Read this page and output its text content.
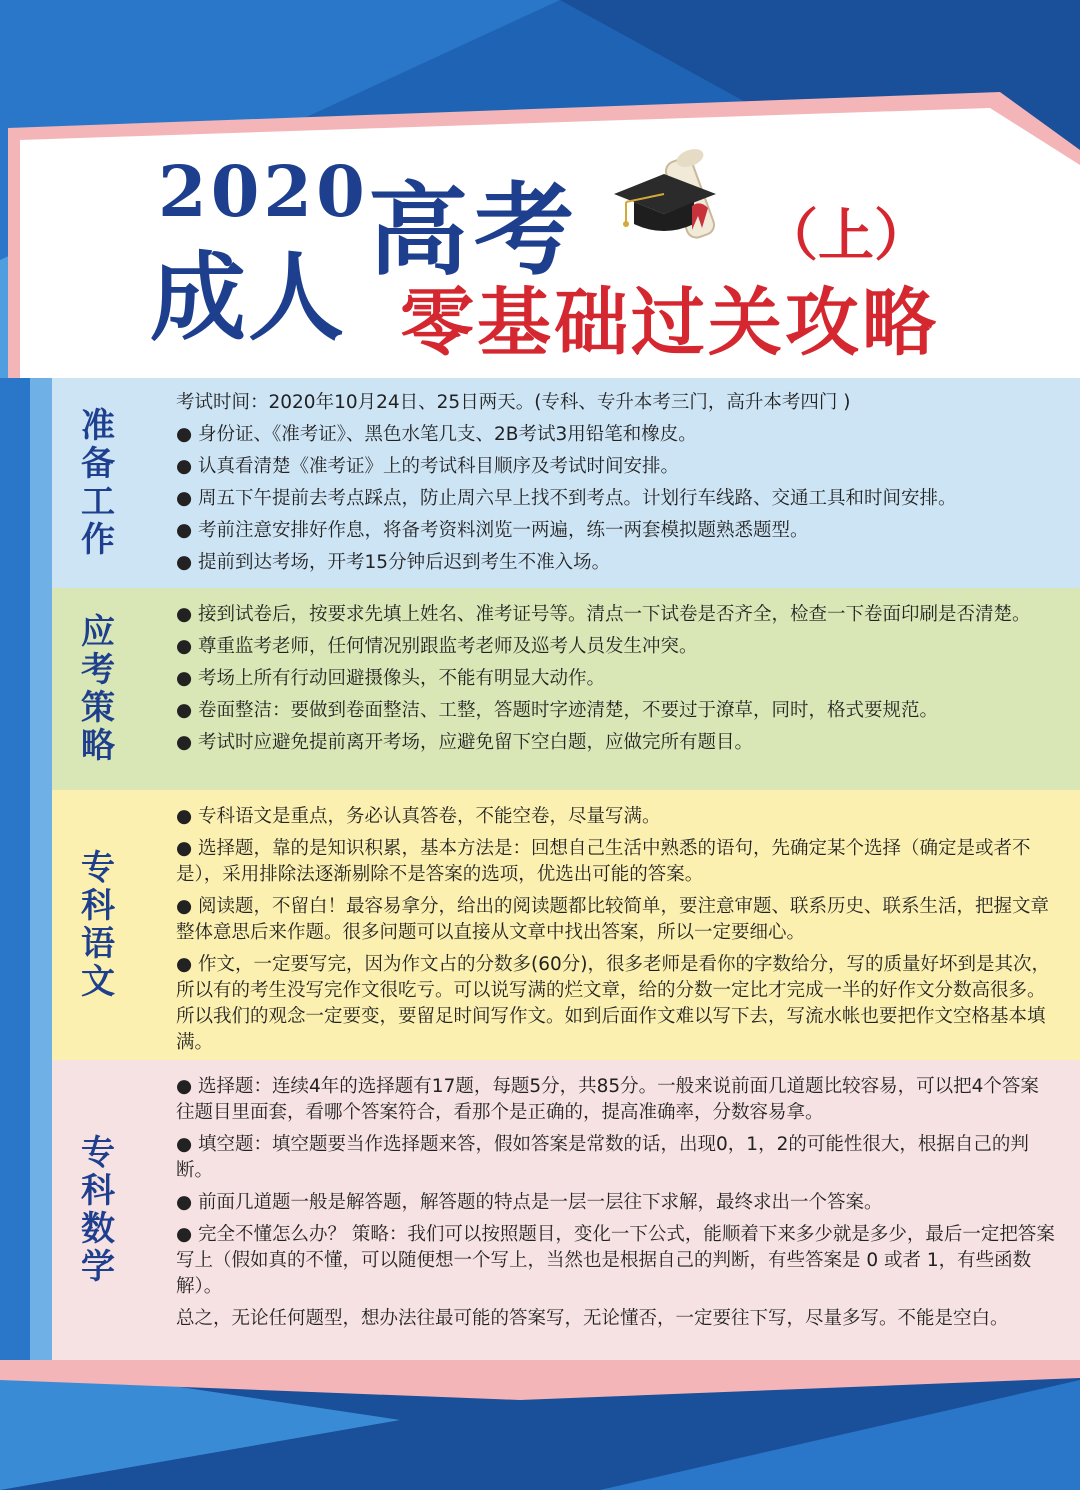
2020
成人
高考	（上）
零基础过关攻略
准备工作
考试时间：2020年10月24日、25日两天。(专科、专升本考三门，高升本考四门 )
● 身份证、《准考证》、黑色水笔几支、2B考试3用铅笔和橡皮。
● 认真看清楚《准考证》上的考试科目顺序及考试时间安排。
● 周五下午提前去考点踩点，防止周六早上找不到考点。计划行车线路、交通工具和时间安排。
● 考前注意安排好作息，将备考资料浏览一两遍，练一两套模拟题熟悉题型。
● 提前到达考场，开考15分钟后迟到考生不准入场。
应考策略	● 接到试卷后，按要求先填上姓名、准考证号等。清点一下试卷是否齐全，检查一下卷面印刷是否清楚。
● 尊重监考老师，任何情况别跟监考老师及巡考人员发生冲突。
● 考场上所有行动回避摄像头，不能有明显大动作。
● 卷面整洁：要做到卷面整洁、工整，答题时字迹清楚，不要过于潦草，同时，格式要规范。
● 考试时应避免提前离开考场，应避免留下空白题，应做完所有题目。
专科语文
● 专科语文是重点，务必认真答卷，不能空卷，尽量写满。
● 选择题，靠的是知识积累，基本方法是：回想自己生活中熟悉的语句，先确定某个选择（确定是或者不是），采用排除法逐渐剔除不是答案的选项，优选出可能的答案。
● 阅读题，不留白！最容易拿分，给出的阅读题都比较简单，要注意审题、联系历史、联系生活，把握文章整体意思后来作题。很多问题可以直接从文章中找出答案，所以一定要细心。
● 作文，一定要写完，因为作文占的分数多(60分)，很多老师是看你的字数给分，写的质量好坏到是其次，所以有的考生没写完作文很吃亏。可以说写满的烂文章，给的分数一定比才完成一半的好作文分数高很多。所以我们的观念一定要变，要留足时间写作文。如到后面作文难以写下去，写流水帐也要把作文空格基本填满。
专科数学
● 选择题：连续4年的选择题有17题，每题5分，共85分。一般来说前面几道题比较容易，可以把4个答案往题目里面套，看哪个答案符合，看那个是正确的，提高准确率，分数容易拿。
● 填空题：填空题要当作选择题来答，假如答案是常数的话，出现0，1，2的可能性很大，根据自己的判断。
● 前面几道题一般是解答题，解答题的特点是一层一层往下求解，最终求出一个答案。
● 完全不懂怎么办？ 策略：我们可以按照题目，变化一下公式，能顺着下来多少就是多少，最后一定把答案写上（假如真的不懂，可以随便想一个写上，当然也是根据自己的判断，有些答案是 0 或者 1，有些函数解）。
总之，无论任何题型，想办法往最可能的答案写，无论懂否，一定要往下写，尽量多写。不能是空白。
